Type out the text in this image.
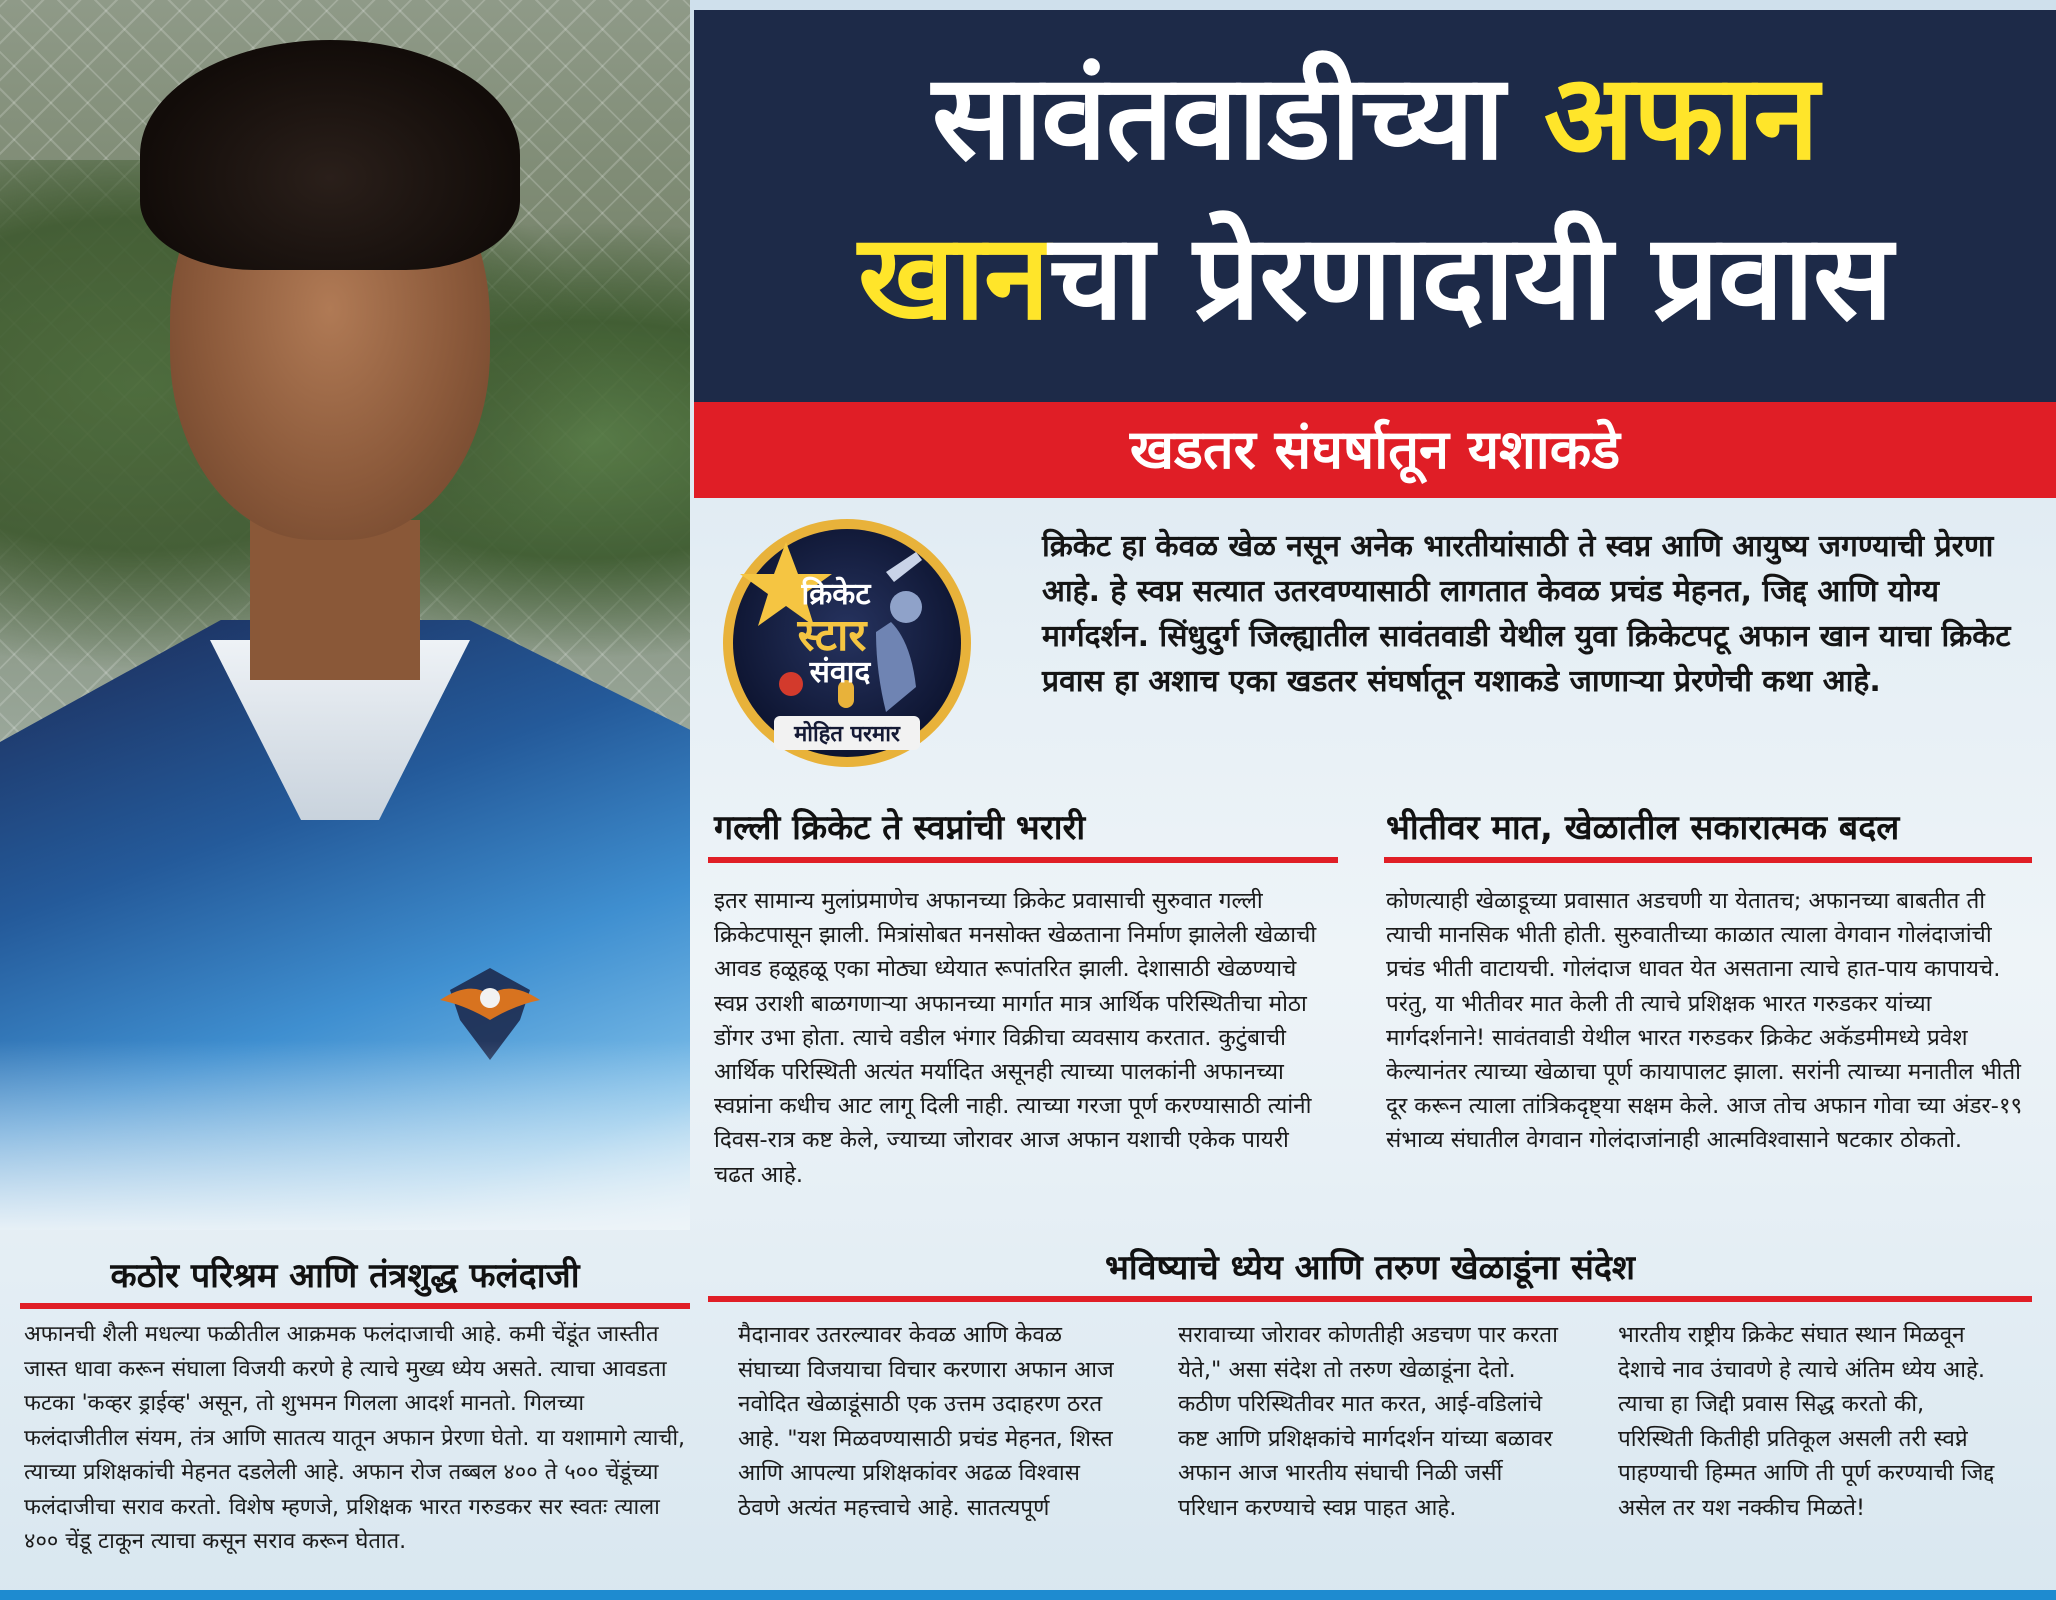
सावंतवाडीच्या अफान
खानचा प्रेरणादायी प्रवास
खडतर संघर्षातून यशाकडे
क्रिकेट
स्टार
संवाद
मोहित परमार

क्रिकेट हा केवळ खेळ नसून अनेक भारतीयांसाठी ते स्वप्न आणि आयुष्य जगण्याची प्रेरणा आहे. हे स्वप्न सत्यात उतरवण्यासाठी लागतात केवळ प्रचंड मेहनत, जिद्द आणि योग्य मार्गदर्शन. सिंधुदुर्ग जिल्ह्यातील सावंतवाडी येथील युवा क्रिकेटपटू अफान खान याचा क्रिकेट प्रवास हा अशाच एका खडतर संघर्षातून यशाकडे जाणाऱ्या प्रेरणेची कथा आहे.

गल्ली क्रिकेट ते स्वप्नांची भरारी

इतर सामान्य मुलांप्रमाणेच अफानच्या क्रिकेट प्रवासाची सुरुवात गल्ली क्रिकेटपासून झाली. मित्रांसोबत मनसोक्त खेळताना निर्माण झालेली खेळाची आवड हळूहळू एका मोठ्या ध्येयात रूपांतरित झाली. देशासाठी खेळण्याचे स्वप्न उराशी बाळगणाऱ्या अफानच्या मार्गात मात्र आर्थिक परिस्थितीचा मोठा डोंगर उभा होता. त्याचे वडील भंगार विक्रीचा व्यवसाय करतात. कुटुंबाची आर्थिक परिस्थिती अत्यंत मर्यादित असूनही त्याच्या पालकांनी अफानच्या स्वप्नांना कधीच आट लागू दिली नाही. त्याच्या गरजा पूर्ण करण्यासाठी त्यांनी दिवस-रात्र कष्ट केले, ज्याच्या जोरावर आज अफान यशाची एकेक पायरी चढत आहे.

भीतीवर मात, खेळातील सकारात्मक बदल

कोणत्याही खेळाडूच्या प्रवासात अडचणी या येतातच; अफानच्या बाबतीत ती त्याची मानसिक भीती होती. सुरुवातीच्या काळात त्याला वेगवान गोलंदाजांची प्रचंड भीती वाटायची. गोलंदाज धावत येत असताना त्याचे हात-पाय कापायचे. परंतु, या भीतीवर मात केली ती त्याचे प्रशिक्षक भारत गरुडकर यांच्या मार्गदर्शनाने! सावंतवाडी येथील भारत गरुडकर क्रिकेट अकॅडमीमध्ये प्रवेश केल्यानंतर त्याच्या खेळाचा पूर्ण कायापालट झाला. सरांनी त्याच्या मनातील भीती दूर करून त्याला तांत्रिकदृष्ट्या सक्षम केले. आज तोच अफान गोवा च्या अंडर-१९ संभाव्य संघातील वेगवान गोलंदाजांनाही आत्मविश्वासाने षटकार ठोकतो.

कठोर परिश्रम आणि तंत्रशुद्ध फलंदाजी

अफानची शैली मधल्या फळीतील आक्रमक फलंदाजाची आहे. कमी चेंडूंत जास्तीत जास्त धावा करून संघाला विजयी करणे हे त्याचे मुख्य ध्येय असते. त्याचा आवडता फटका 'कव्हर ड्राईव्ह' असून, तो शुभमन गिलला आदर्श मानतो. गिलच्या फलंदाजीतील संयम, तंत्र आणि सातत्य यातून अफान प्रेरणा घेतो. या यशामागे त्याची, त्याच्या प्रशिक्षकांची मेहनत दडलेली आहे. अफान रोज तब्बल ४०० ते ५०० चेंडूंच्या फलंदाजीचा सराव करतो. विशेष म्हणजे, प्रशिक्षक भारत गरुडकर सर स्वतः त्याला ४०० चेंडू टाकून त्याचा कसून सराव करून घेतात.

भविष्याचे ध्येय आणि तरुण खेळाडूंना संदेश

मैदानावर उतरल्यावर केवळ आणि केवळ संघाच्या विजयाचा विचार करणारा अफान आज नवोदित खेळाडूंसाठी एक उत्तम उदाहरण ठरत आहे. "यश मिळवण्यासाठी प्रचंड मेहनत, शिस्त आणि आपल्या प्रशिक्षकांवर अढळ विश्वास ठेवणे अत्यंत महत्त्वाचे आहे. सातत्यपूर्ण

सरावाच्या जोरावर कोणतीही अडचण पार करता येते," असा संदेश तो तरुण खेळाडूंना देतो. कठीण परिस्थितीवर मात करत, आई-वडिलांचे कष्ट आणि प्रशिक्षकांचे मार्गदर्शन यांच्या बळावर अफान आज भारतीय संघाची निळी जर्सी परिधान करण्याचे स्वप्न पाहत आहे.

भारतीय राष्ट्रीय क्रिकेट संघात स्थान मिळवून देशाचे नाव उंचावणे हे त्याचे अंतिम ध्येय आहे. त्याचा हा जिद्दी प्रवास सिद्ध करतो की, परिस्थिती कितीही प्रतिकूल असली तरी स्वप्ने पाहण्याची हिम्मत आणि ती पूर्ण करण्याची जिद्द असेल तर यश नक्कीच मिळते!
